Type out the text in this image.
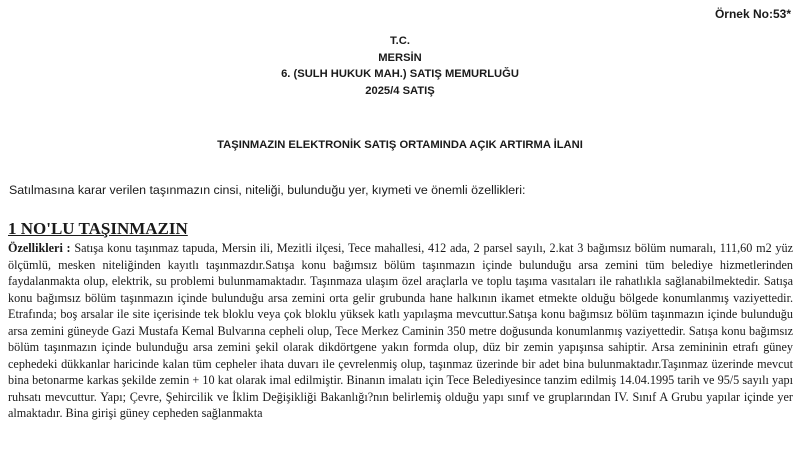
Örnek No:53*
T.C.
MERSİN
6. (SULH HUKUK MAH.) SATIŞ MEMURLUĞU
2025/4 SATIŞ
TAŞINMAZIN ELEKTRONİK SATIŞ ORTAMINDA AÇIK ARTIRMA İLANI
Satılmasına karar verilen taşınmazın cinsi, niteliği, bulunduğu yer, kıymeti ve önemli özellikleri:
1 NO'LU TAŞINMAZIN
Özellikleri : Satışa konu taşınmaz tapuda, Mersin ili, Mezitli ilçesi, Tece mahallesi, 412 ada, 2 parsel sayılı, 2.kat 3 bağımsız bölüm numaralı, 111,60 m2 yüz ölçümlü, mesken niteliğinden kayıtlı taşınmazdır.Satışa konu bağımsız bölüm taşınmazın içinde bulunduğu arsa zemini tüm belediye hizmetlerinden faydalanmakta olup, elektrik, su problemi bulunmamaktadır. Taşınmaza ulaşım özel araçlarla ve toplu taşıma vasıtaları ile rahatlıkla sağlanabilmektedir. Satışa konu bağımsız bölüm taşınmazın içinde bulunduğu arsa zemini orta gelir grubunda hane halkının ikamet etmekte olduğu bölgede konumlanmış vaziyettedir. Etrafında; boş arsalar ile site içerisinde tek bloklu veya çok bloklu yüksek katlı yapılaşma mevcuttur.Satışa konu bağımsız bölüm taşınmazın içinde bulunduğu arsa zemini güneyde Gazi Mustafa Kemal Bulvarına cepheli olup, Tece Merkez Caminin 350 metre doğusunda konumlanmış vaziyettedir. Satışa konu bağımsız bölüm taşınmazın içinde bulunduğu arsa zemini şekil olarak dikdörtgene yakın formda olup, düz bir zemin yapışınsa sahiptir. Arsa zemininin etrafı güney cephedeki dükkanlar haricinde kalan tüm cepheler ihata duvarı ile çevrelenmiş olup, taşınmaz üzerinde bir adet bina bulunmaktadır.Taşınmaz üzerinde mevcut bina betonarme karkas şekilde zemin + 10 kat olarak imal edilmiştir. Binanın imalatı için Tece Belediyesince tanzim edilmiş 14.04.1995 tarih ve 95/5 sayılı yapı ruhsatı mevcuttur. Yapı; Çevre, Şehircilik ve İklim Değişikliği Bakanlığı?nın belirlemiş olduğu yapı sınıf ve gruplarından IV. Sınıf A Grubu yapılar içinde yer almaktadır. Bina girişi güney cepheden sağlanmakta
